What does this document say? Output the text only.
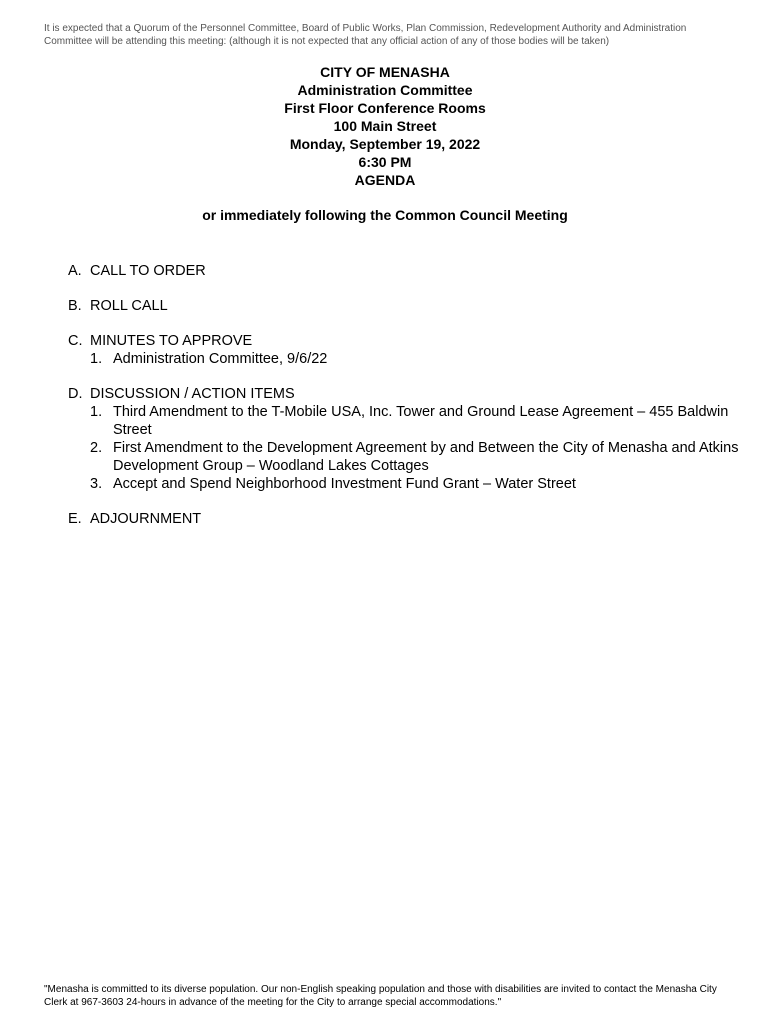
It is expected that a Quorum of the Personnel Committee, Board of Public Works, Plan Commission, Redevelopment Authority and Administration Committee will be attending this meeting: (although it is not expected that any official action of any of those bodies will be taken)
CITY OF MENASHA
Administration Committee
First Floor Conference Rooms
100 Main Street
Monday, September 19, 2022
6:30 PM
AGENDA
or immediately following the Common Council Meeting
A. CALL TO ORDER
B. ROLL CALL
C. MINUTES TO APPROVE
1. Administration Committee, 9/6/22
D. DISCUSSION / ACTION ITEMS
1. Third Amendment to the T-Mobile USA, Inc. Tower and Ground Lease Agreement – 455 Baldwin Street
2. First Amendment to the Development Agreement by and Between the City of Menasha and Atkins Development Group – Woodland Lakes Cottages
3. Accept and Spend Neighborhood Investment Fund Grant – Water Street
E. ADJOURNMENT
"Menasha is committed to its diverse population. Our non-English speaking population and those with disabilities are invited to contact the Menasha City Clerk at 967-3603 24-hours in advance of the meeting for the City to arrange special accommodations."
